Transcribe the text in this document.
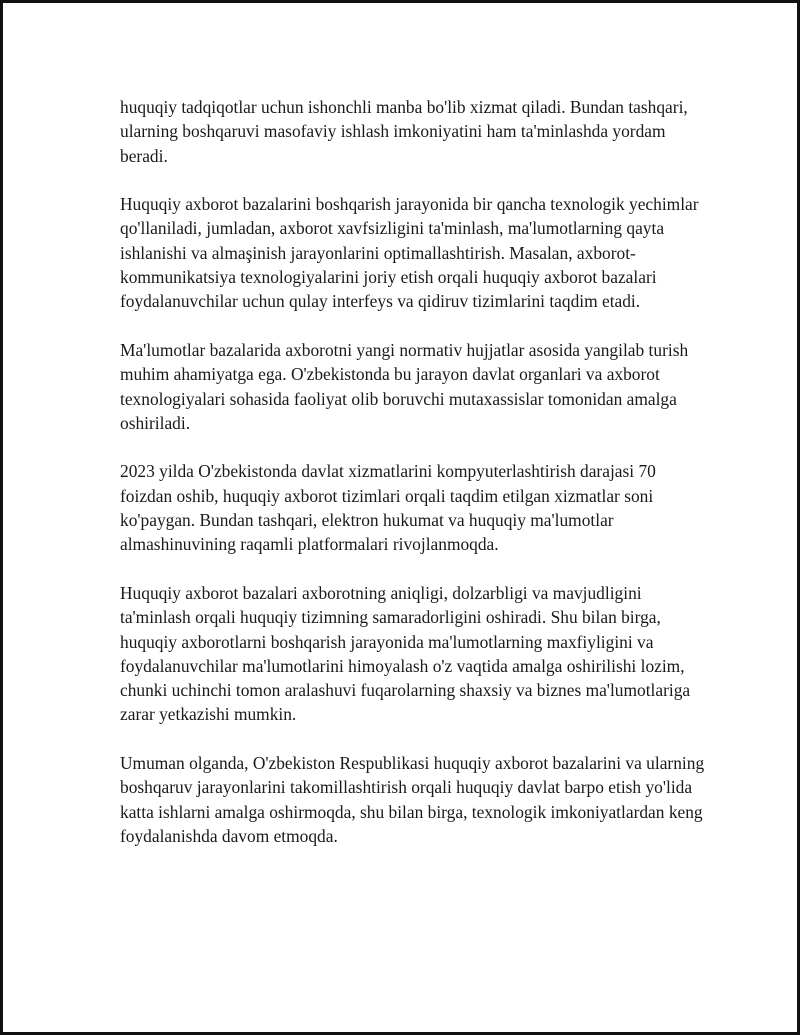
huquqiy tadqiqotlar uchun ishonchli manba bo'lib xizmat qiladi. Bundan tashqari, ularning boshqaruvi masofaviy ishlash imkoniyatini ham ta'minlashda yordam beradi.

Huquqiy axborot bazalarini boshqarish jarayonida bir qancha texnologik yechimlar qo'llaniladi, jumladan, axborot xavfsizligini ta'minlash, ma'lumotlarning qayta ishlanishi va almaşinish jarayonlarini optimallashtirish. Masalan, axborot-kommunikatsiya texnologiyalarini joriy etish orqali huquqiy axborot bazalari foydalanuvchilar uchun qulay interfeys va qidiruv tizimlarini taqdim etadi.

Ma'lumotlar bazalarida axborotni yangi normativ hujjatlar asosida yangilab turish muhim ahamiyatga ega. O'zbekistonda bu jarayon davlat organlari va axborot texnologiyalari sohasida faoliyat olib boruvchi mutaxassislar tomonidan amalga oshiriladi.

2023 yilda O'zbekistonda davlat xizmatlarini kompyuterlashtirish darajasi 70 foizdan oshib, huquqiy axborot tizimlari orqali taqdim etilgan xizmatlar soni ko'paygan. Bundan tashqari, elektron hukumat va huquqiy ma'lumotlar almashinuvining raqamli platformalari rivojlanmoqda.

Huquqiy axborot bazalari axborotning aniqligi, dolzarbligi va mavjudligini ta'minlash orqali huquqiy tizimning samaradorligini oshiradi. Shu bilan birga, huquqiy axborotlarni boshqarish jarayonida ma'lumotlarning maxfiyligini va foydalanuvchilar ma'lumotlarini himoyalash o'z vaqtida amalga oshirilishi lozim, chunki uchinchi tomon aralashuvi fuqarolarning shaxsiy va biznes ma'lumotlariga zarar yetkazishi mumkin.

Umuman olganda, O'zbekiston Respublikasi huquqiy axborot bazalarini va ularning boshqaruv jarayonlarini takomillashtirish orqali huquqiy davlat barpo etish yo'lida katta ishlarni amalga oshirmoqda, shu bilan birga, texnologik imkoniyatlardan keng foydalanishda davom etmoqda.
